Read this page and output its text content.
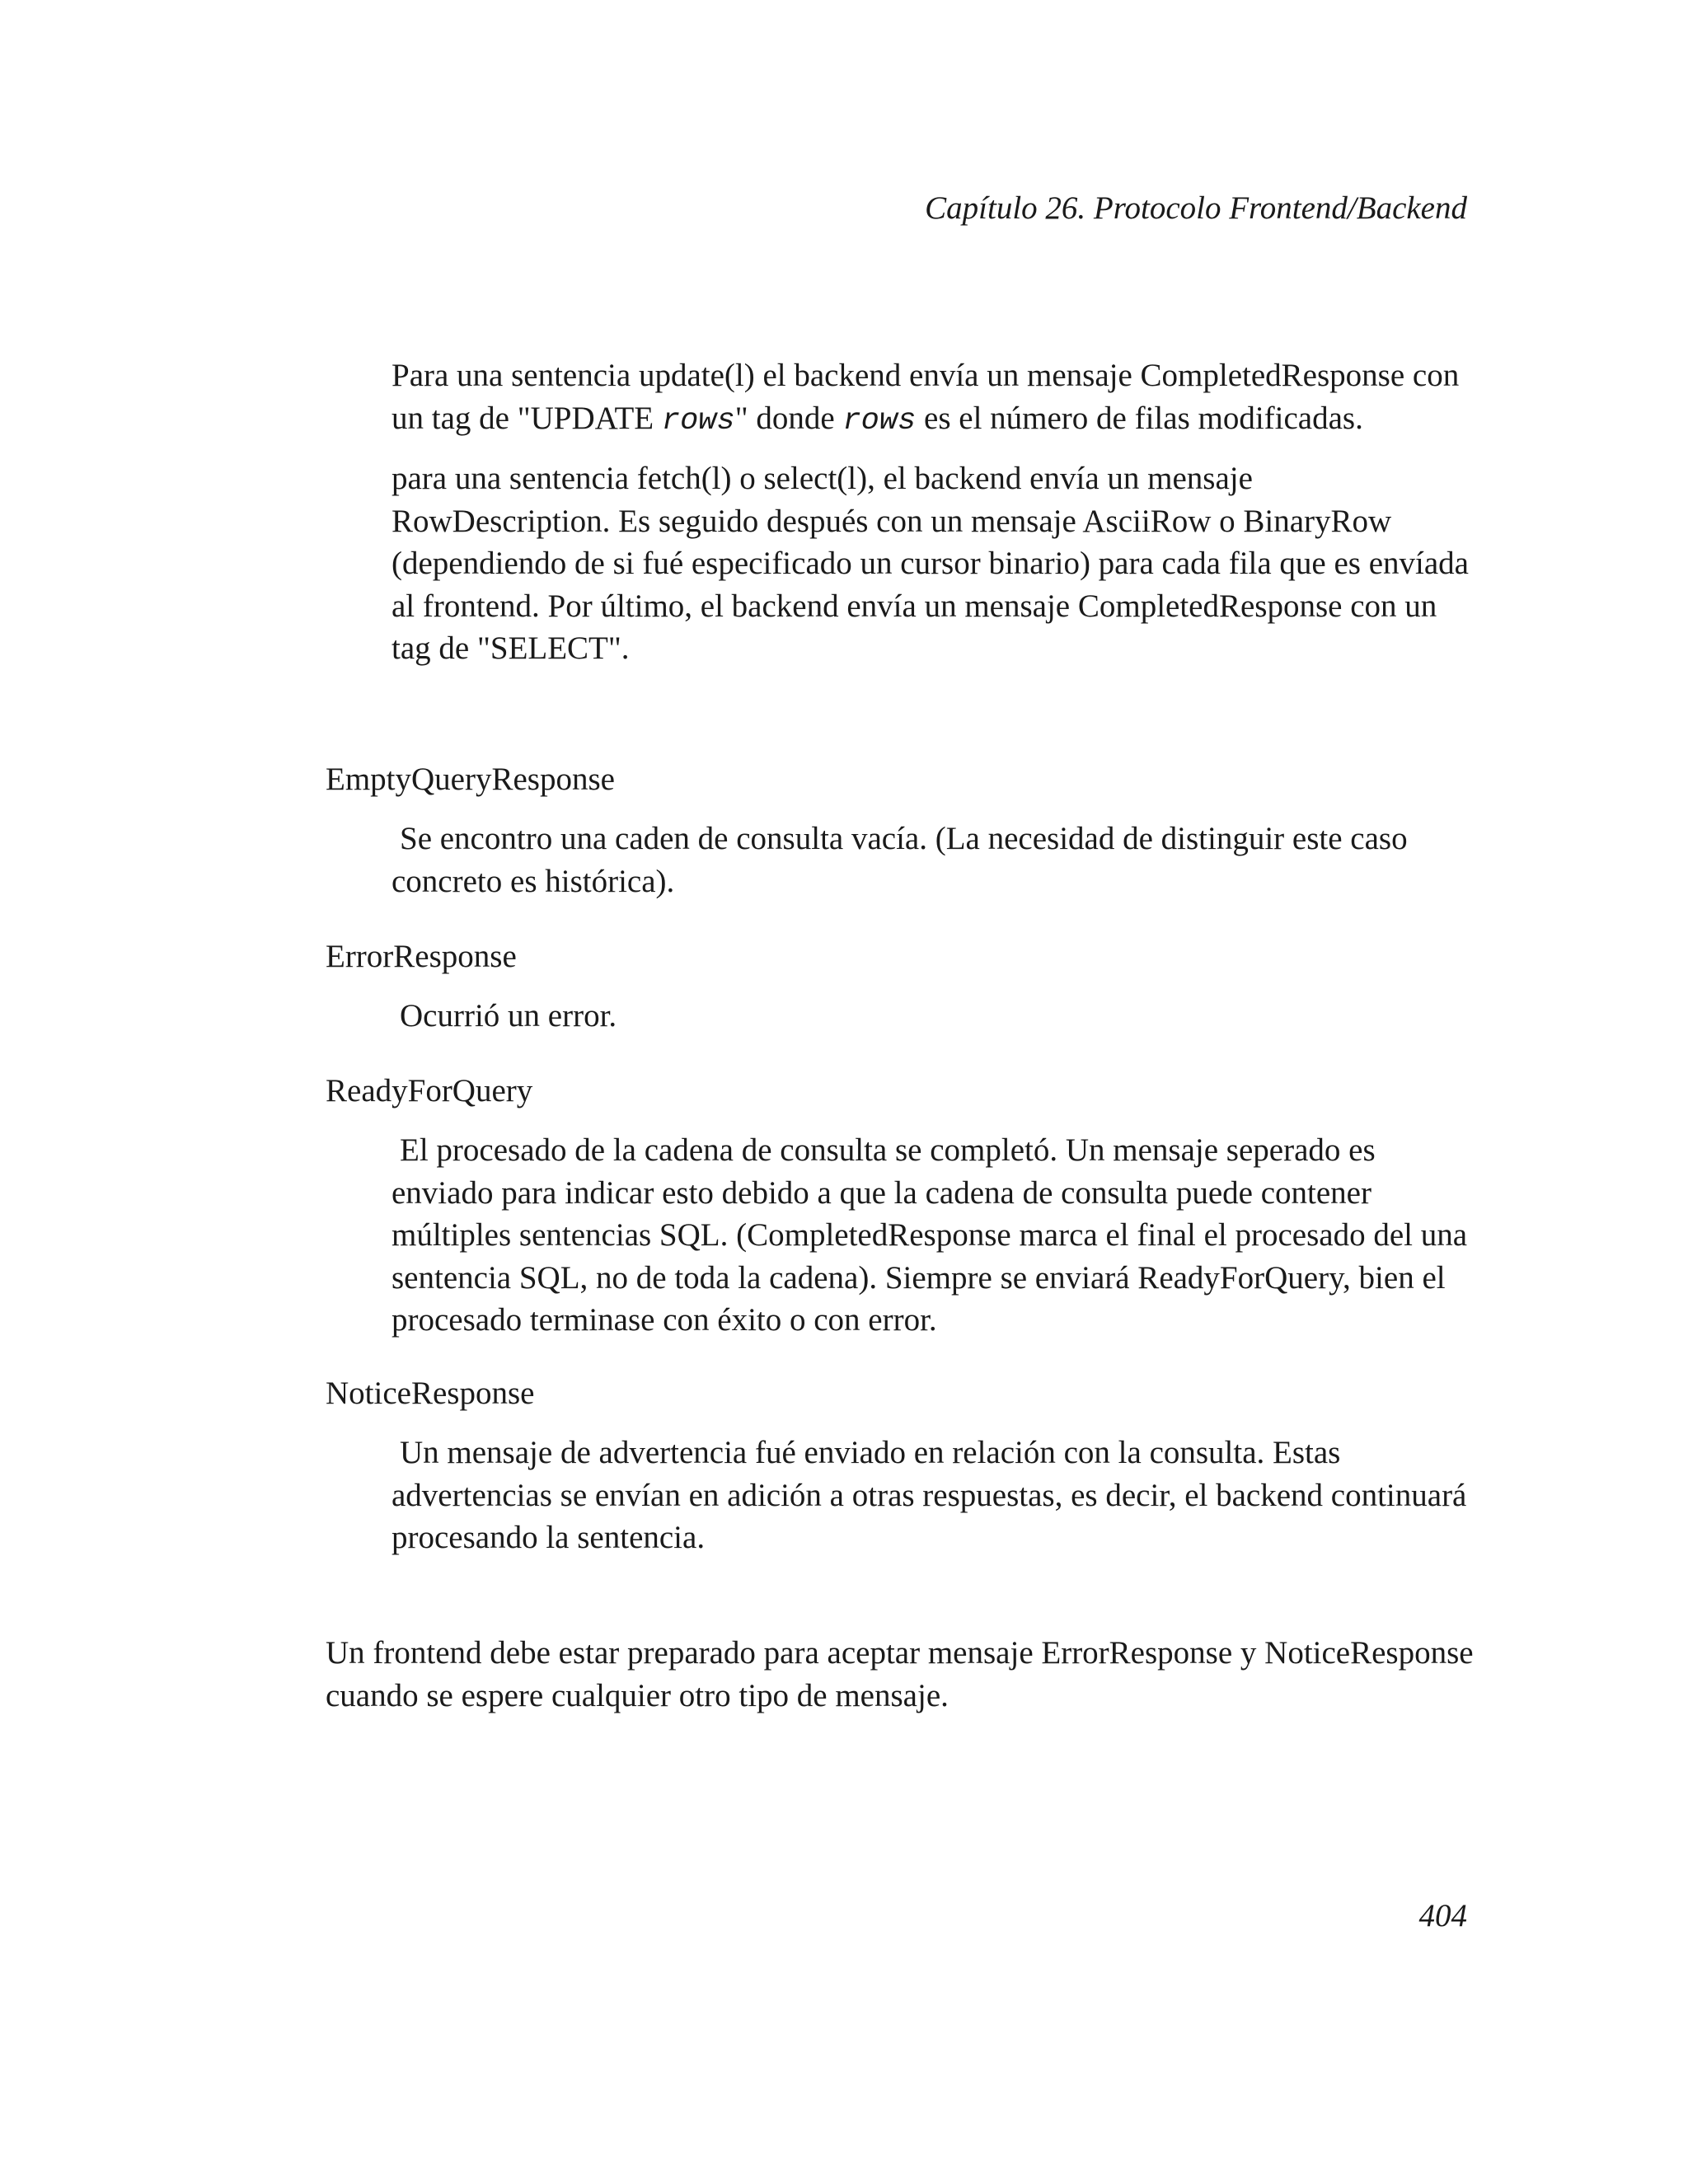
Capítulo 26. Protocolo Frontend/Backend

Para una sentencia update(l) el backend envía un mensaje CompletedResponse con un tag de "UPDATE rows" donde rows es el número de filas modificadas.

para una sentencia fetch(l) o select(l), el backend envía un mensaje RowDescription. Es seguido después con un mensaje AsciiRow o BinaryRow (dependiendo de si fué especificado un cursor binario) para cada fila que es envíada al frontend. Por último, el backend envía un mensaje CompletedResponse con un tag de "SELECT".

EmptyQueryResponse

Se encontro una caden de consulta vacía. (La necesidad de distinguir este caso concreto es histórica).

ErrorResponse

Ocurrió un error.

ReadyForQuery

El procesado de la cadena de consulta se completó. Un mensaje seperado es enviado para indicar esto debido a que la cadena de consulta puede contener múltiples sentencias SQL. (CompletedResponse marca el final el procesado del una sentencia SQL, no de toda la cadena). Siempre se enviará ReadyForQuery, bien el procesado terminase con éxito o con error.

NoticeResponse

Un mensaje de advertencia fué enviado en relación con la consulta. Estas advertencias se envían en adición a otras respuestas, es decir, el backend continuará procesando la sentencia.

Un frontend debe estar preparado para aceptar mensaje ErrorResponse y NoticeResponse cuando se espere cualquier otro tipo de mensaje.

404
